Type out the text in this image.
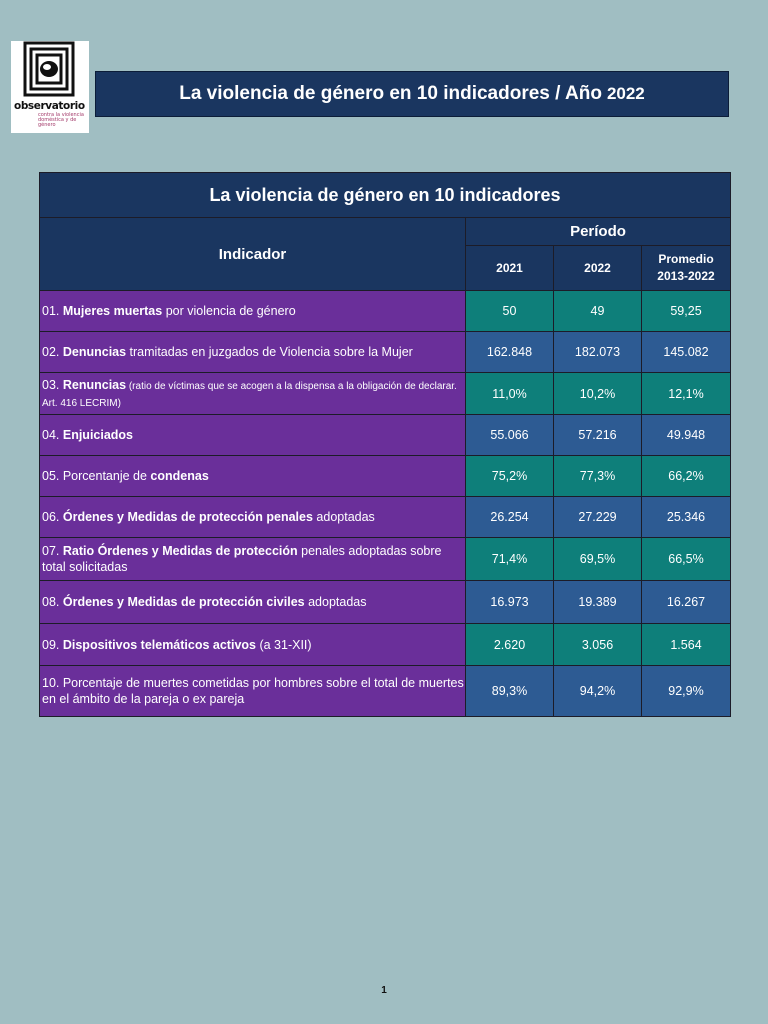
observatorio
contra la violencia doméstica y de género
La violencia de género en 10 indicadores / Año 2022
La violencia de género en 10 indicadores			
Indicador	Período		
	2021	2022	Promedio 2013-2022
01. Mujeres muertas por violencia de género	50	49	59,25
02. Denuncias tramitadas en juzgados de Violencia sobre la Mujer	162.848	182.073	145.082
03. Renuncias (ratio de víctimas que se acogen a la dispensa a la obligación de declarar. Art. 416 LECRIM)	11,0%	10,2%	12,1%
04. Enjuiciados	55.066	57.216	49.948
05. Porcentanje de condenas	75,2%	77,3%	66,2%
06. Órdenes y Medidas de protección penales adoptadas	26.254	27.229	25.346
07. Ratio Órdenes y Medidas de protección penales adoptadas sobre total solicitadas	71,4%	69,5%	66,5%
08. Órdenes y Medidas de protección civiles adoptadas	16.973	19.389	16.267
09. Dispositivos telemáticos activos (a 31-XII)	2.620	3.056	1.564
10. Porcentaje de muertes cometidas por hombres sobre el total de muertes en el ámbito de la pareja o ex pareja	89,3%	94,2%	92,9%
1
